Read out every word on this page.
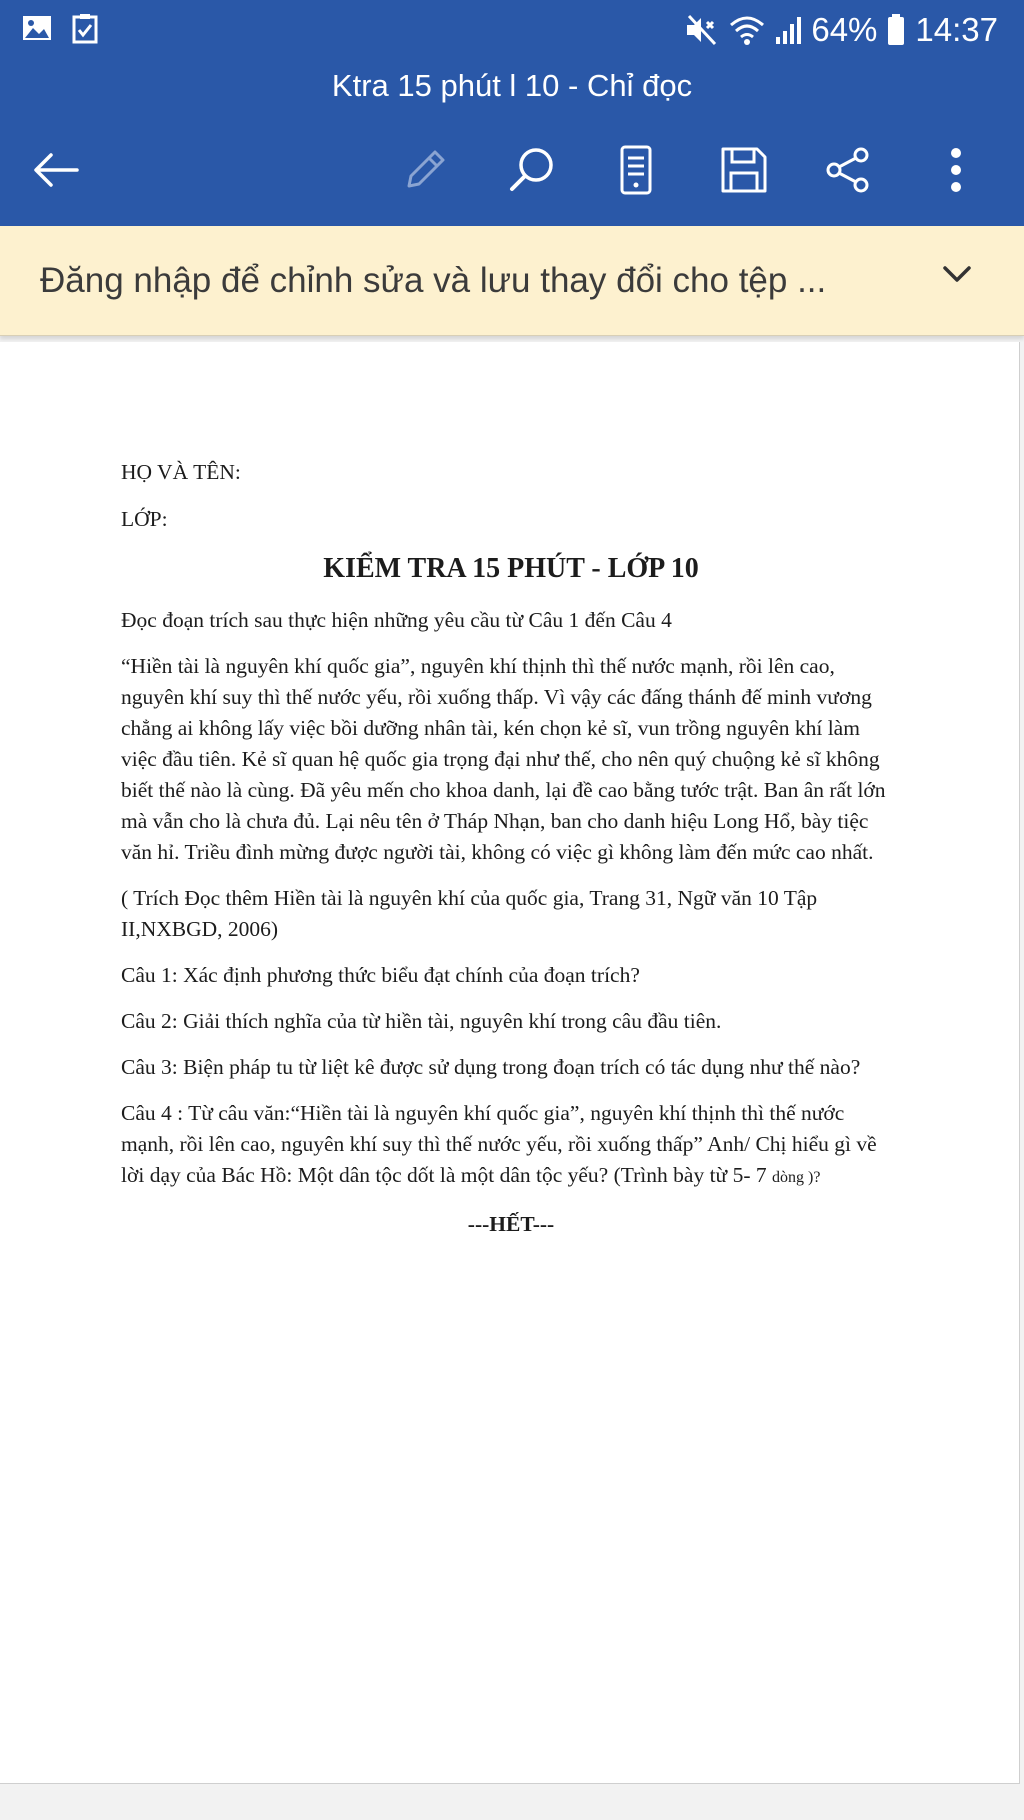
64% 14:37
Ktra 15 phút l 10 - Chỉ đọc
Đăng nhập để chỉnh sửa và lưu thay đổi cho tệp ...

HỌ VÀ TÊN:

LỚP:

KIỂM TRA 15 PHÚT - LỚP 10

Đọc đoạn trích sau thực hiện những yêu cầu từ Câu 1 đến Câu 4

“Hiền tài là nguyên khí quốc gia”, nguyên khí thịnh thì thế nước mạnh, rồi lên cao, nguyên khí suy thì thế nước yếu, rồi xuống thấp. Vì vậy các đấng thánh đế minh vương chẳng ai không lấy việc bồi dưỡng nhân tài, kén chọn kẻ sĩ, vun trồng nguyên khí làm việc đầu tiên. Kẻ sĩ quan hệ quốc gia trọng đại như thế, cho nên quý chuộng kẻ sĩ không biết thế nào là cùng. Đã yêu mến cho khoa danh, lại đề cao bằng tước trật. Ban ân rất lớn mà vẫn cho là chưa đủ. Lại nêu tên ở Tháp Nhạn, ban cho danh hiệu Long Hổ, bày tiệc văn hỉ. Triều đình mừng được người tài, không có việc gì không làm đến mức cao nhất.

( Trích Đọc thêm Hiền tài là nguyên khí của quốc gia, Trang 31, Ngữ văn 10 Tập II,NXBGD, 2006)

Câu 1: Xác định phương thức biểu đạt chính của đoạn trích?

Câu 2: Giải thích nghĩa của từ hiền tài, nguyên khí trong câu đầu tiên.

Câu 3: Biện pháp tu từ liệt kê được sử dụng trong đoạn trích có tác dụng như thế nào?

Câu 4 : Từ câu văn:“Hiền tài là nguyên khí quốc gia”, nguyên khí thịnh thì thế nước mạnh, rồi lên cao, nguyên khí suy thì thế nước yếu, rồi xuống thấp” Anh/ Chị hiểu gì về lời dạy của Bác Hồ: Một dân tộc dốt là một dân tộc yếu? (Trình bày từ 5- 7 dòng )?

---HẾT---
